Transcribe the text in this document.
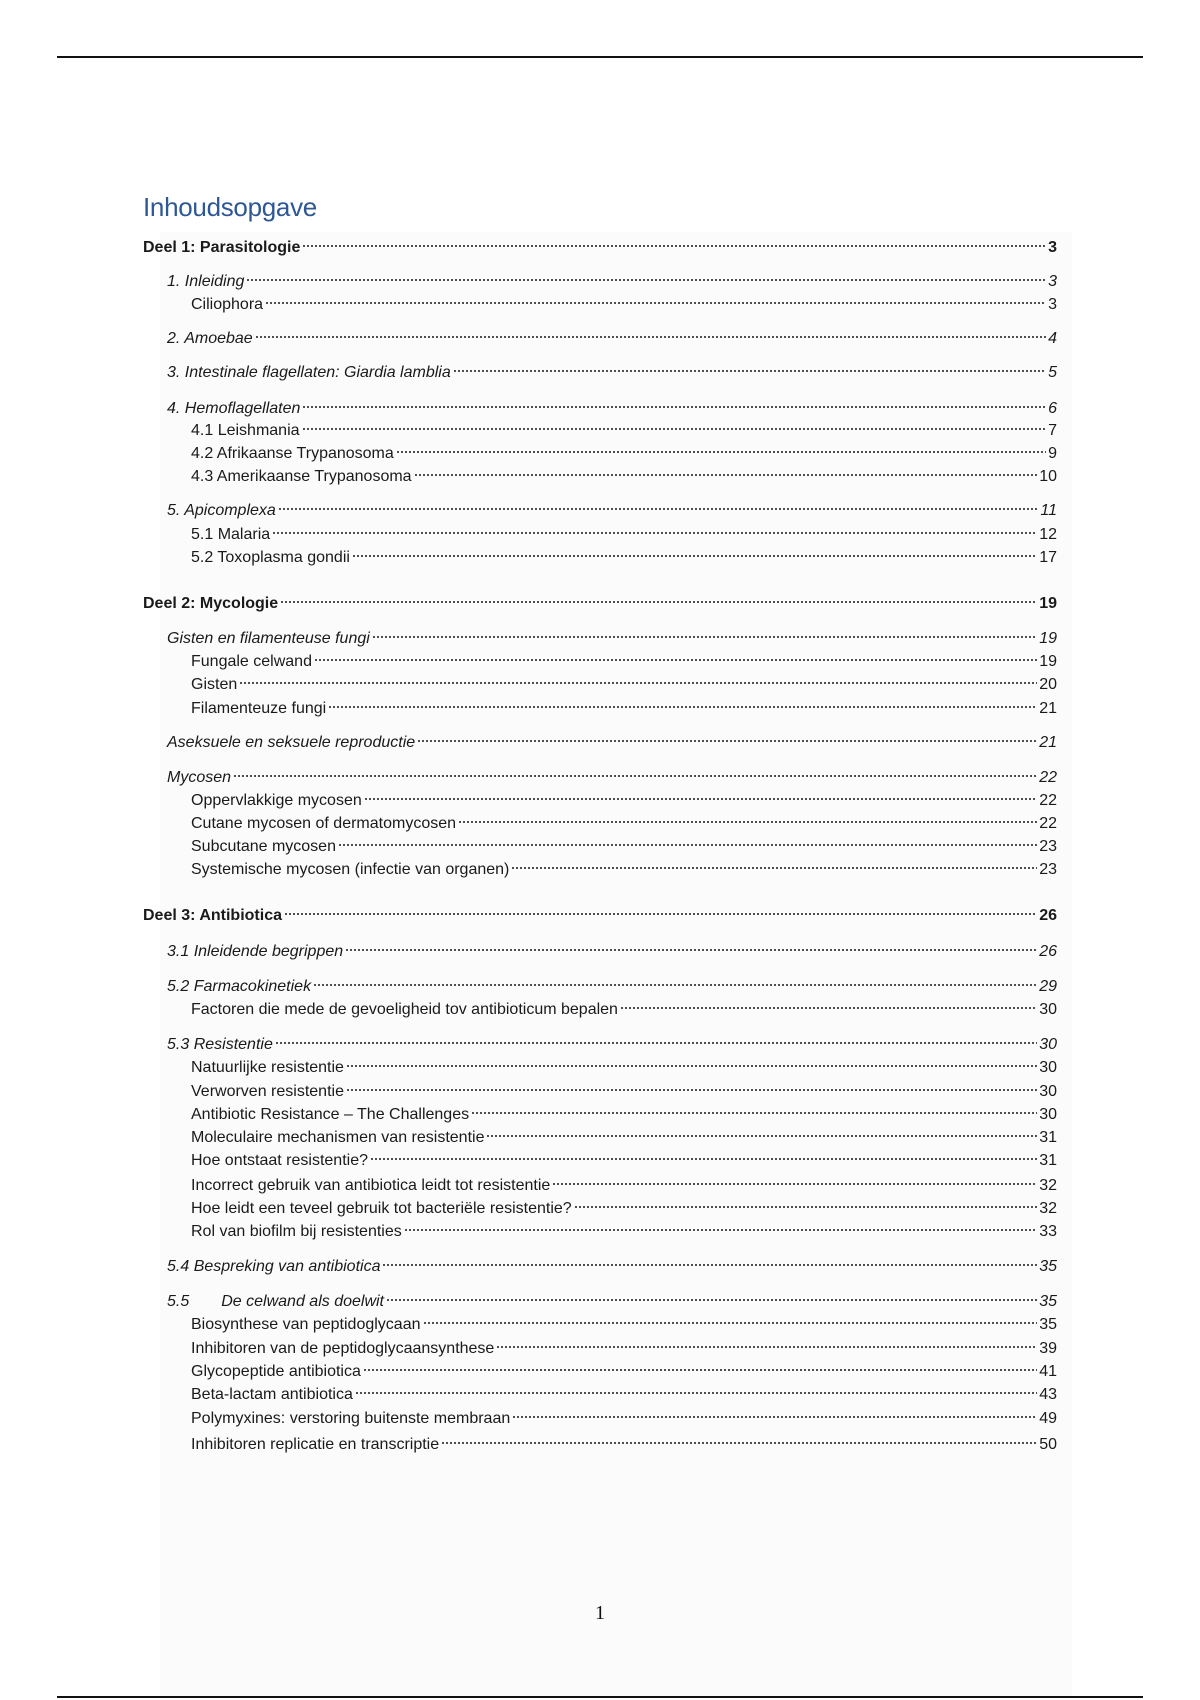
Inhoudsopgave
Deel 1: Parasitologie	3
1. Inleiding	3
Ciliophora	3
2. Amoebae	4
3. Intestinale flagellaten: Giardia lamblia	5
4. Hemoflagellaten	6
4.1 Leishmania	7
4.2 Afrikaanse Trypanosoma	9
4.3 Amerikaanse Trypanosoma	10
5. Apicomplexa	11
5.1 Malaria	12
5.2 Toxoplasma gondii	17
Deel 2: Mycologie	19
Gisten en filamenteuse fungi	19
Fungale celwand	19
Gisten	20
Filamenteuze fungi	21
Aseksuele en seksuele reproductie	21
Mycosen	22
Oppervlakkige mycosen	22
Cutane mycosen of dermatomycosen	22
Subcutane mycosen	23
Systemische mycosen (infectie van organen)	23
Deel 3: Antibiotica	26
3.1 Inleidende begrippen	26
5.2 Farmacokinetiek	29
Factoren die mede de gevoeligheid tov antibioticum bepalen	30
5.3 Resistentie	30
Natuurlijke resistentie	30
Verworven resistentie	30
Antibiotic Resistance – The Challenges	30
Moleculaire mechanismen van resistentie	31
Hoe ontstaat resistentie?	31
Incorrect gebruik van antibiotica leidt tot resistentie	32
Hoe leidt een teveel gebruik tot bacteriële resistentie?	32
Rol van biofilm bij resistenties	33
5.4 Bespreking van antibiotica	35
5.5  De celwand als doelwit	35
Biosynthese van peptidoglycaan	35
Inhibitoren van de peptidoglycaansynthese	39
Glycopeptide antibiotica	41
Beta-lactam antibiotica	43
Polymyxines: verstoring buitenste membraan	49
Inhibitoren replicatie en transcriptie	50
1
